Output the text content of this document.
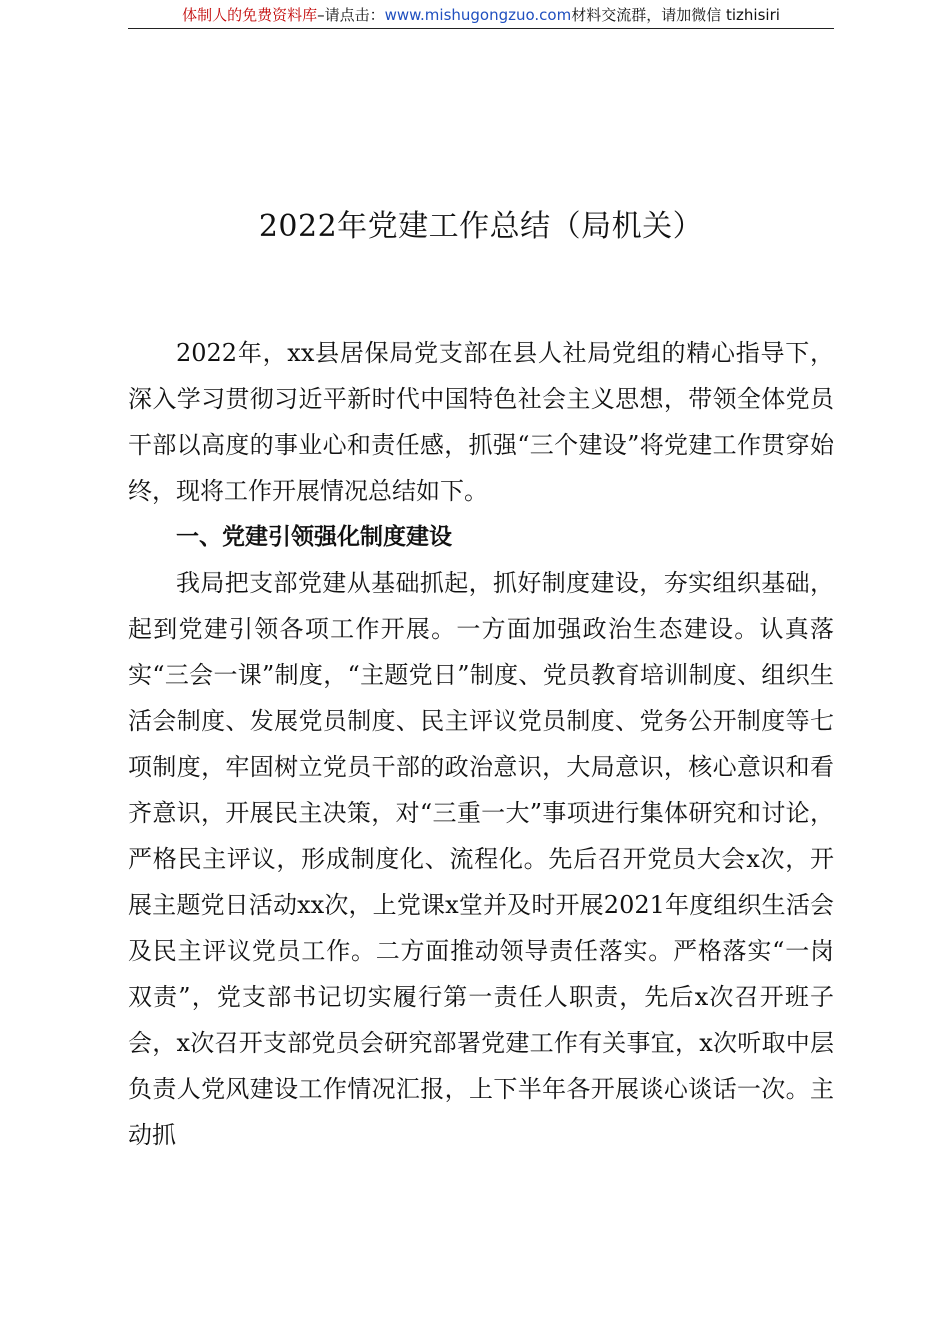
体制人的免费资料库–请点击：www.mishugongzuo.com材料交流群，请加微信 tizhisiri
2022年党建工作总结（局机关）

2022年，xx县居保局党支部在县人社局党组的精心指导下，深入学习贯彻习近平新时代中国特色社会主义思想，带领全体党员干部以高度的事业心和责任感，抓强“三个建设”将党建工作贯穿始终，现将工作开展情况总结如下。

一、党建引领强化制度建设

我局把支部党建从基础抓起，抓好制度建设，夯实组织基础，起到党建引领各项工作开展。一方面加强政治生态建设。认真落实“三会一课”制度，“主题党日”制度、党员教育培训制度、组织生活会制度、发展党员制度、民主评议党员制度、党务公开制度等七项制度，牢固树立党员干部的政治意识，大局意识，核心意识和看齐意识，开展民主决策，对“三重一大”事项进行集体研究和讨论，严格民主评议，形成制度化、流程化。先后召开党员大会x次，开展主题党日活动xx次，上党课x堂并及时开展2021年度组织生活会及民主评议党员工作。二方面推动领导责任落实。严格落实“一岗双责”，党支部书记切实履行第一责任人职责，先后x次召开班子会，x次召开支部党员会研究部署党建工作有关事宜，x次听取中层负责人党风建设工作情况汇报，上下半年各开展谈心谈话一次。主动抓
